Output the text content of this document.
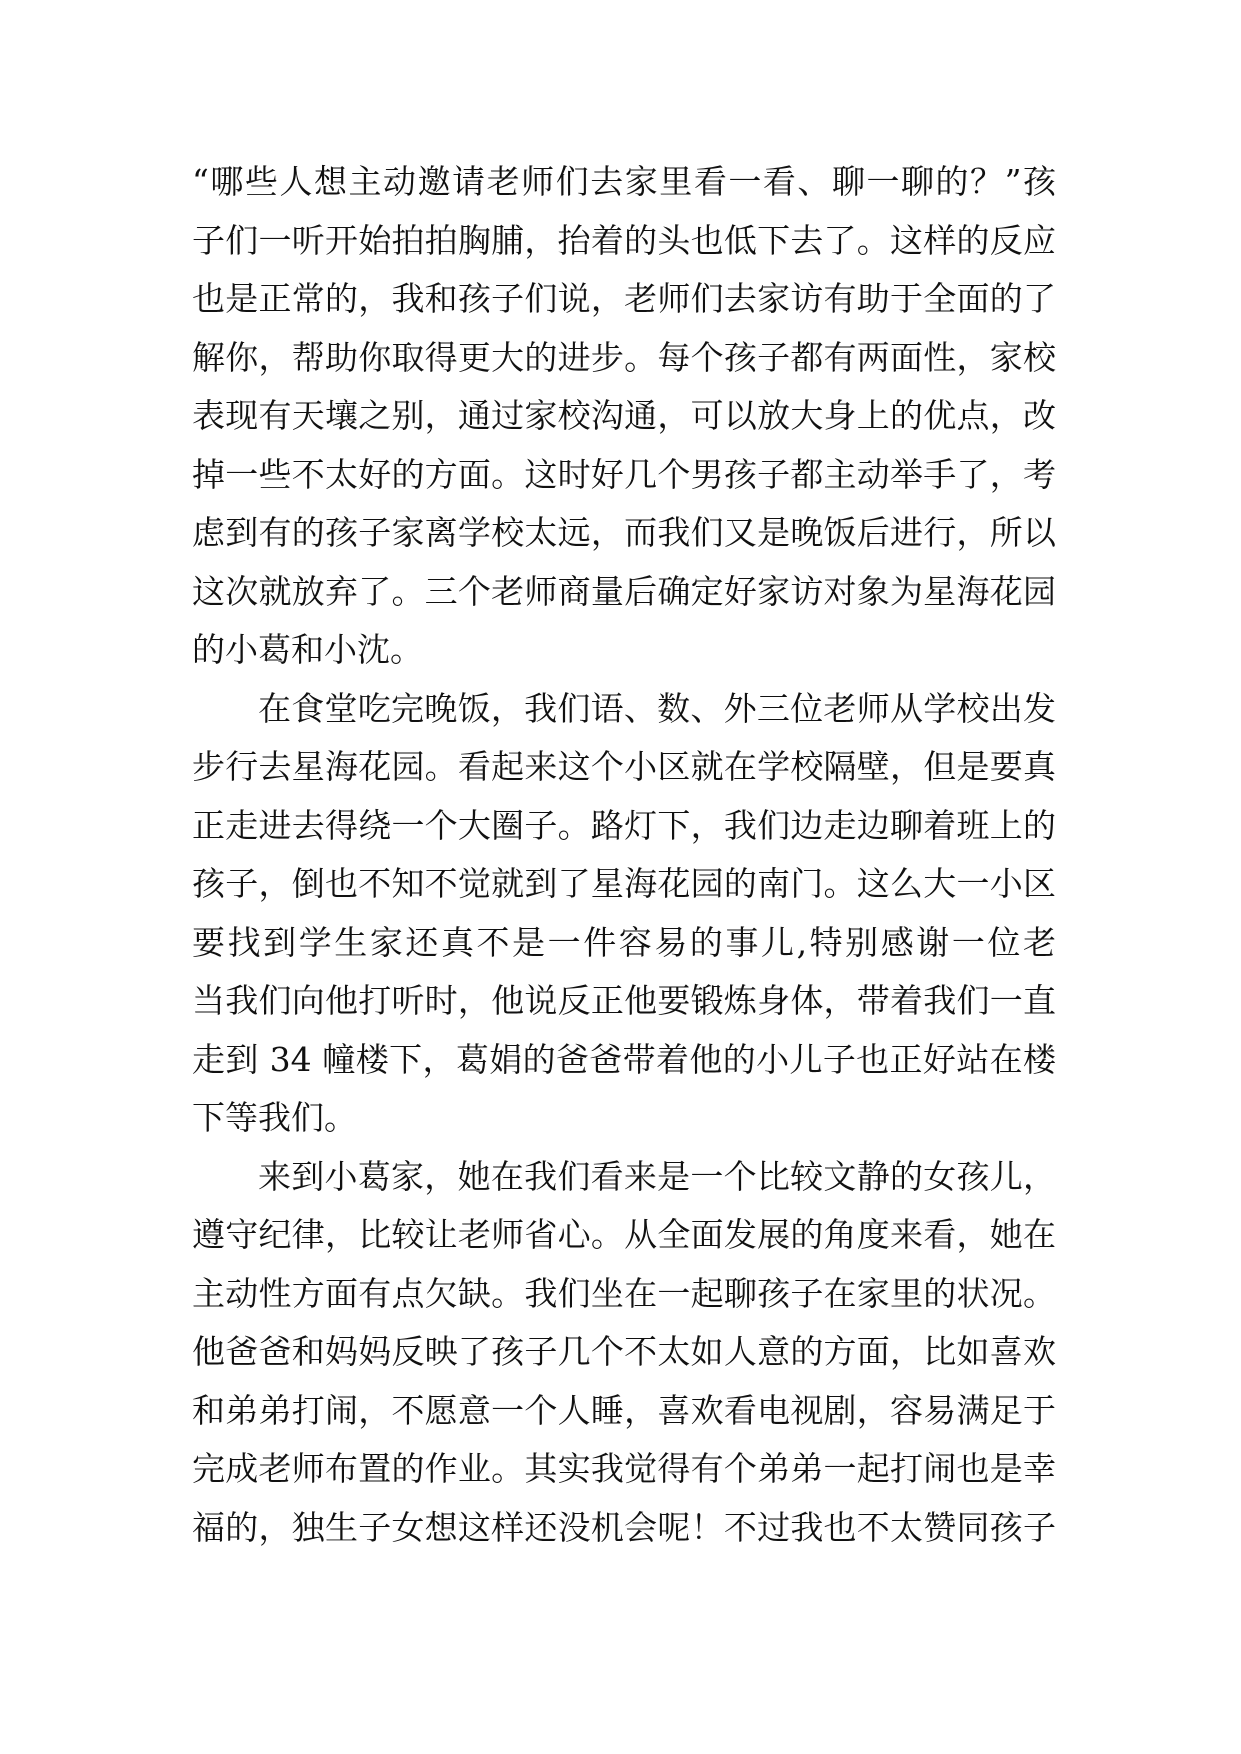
“哪些人想主动邀请老师们去家里看一看、聊一聊的？”孩
子们一听开始拍拍胸脯，抬着的头也低下去了。这样的反应
也是正常的，我和孩子们说，老师们去家访有助于全面的了
解你，帮助你取得更大的进步。每个孩子都有两面性，家校
表现有天壤之别，通过家校沟通，可以放大身上的优点，改
掉一些不太好的方面。这时好几个男孩子都主动举手了，考
虑到有的孩子家离学校太远，而我们又是晚饭后进行，所以
这次就放弃了。三个老师商量后确定好家访对象为星海花园
的小葛和小沈。
在食堂吃完晚饭，我们语、数、外三位老师从学校出发
步行去星海花园。看起来这个小区就在学校隔壁，但是要真
正走进去得绕一个大圈子。路灯下，我们边走边聊着班上的
孩子，倒也不知不觉就到了星海花园的南门。这么大一小区
要找到学生家还真不是一件容易的事儿,特别感谢一位老
当我们向他打听时，他说反正他要锻炼身体，带着我们一直
走到 34 幢楼下，葛娟的爸爸带着他的小儿子也正好站在楼
下等我们。
来到小葛家，她在我们看来是一个比较文静的女孩儿，
遵守纪律，比较让老师省心。从全面发展的角度来看，她在
主动性方面有点欠缺。我们坐在一起聊孩子在家里的状况。
他爸爸和妈妈反映了孩子几个不太如人意的方面，比如喜欢
和弟弟打闹，不愿意一个人睡，喜欢看电视剧，容易满足于
完成老师布置的作业。其实我觉得有个弟弟一起打闹也是幸
福的，独生子女想这样还没机会呢！不过我也不太赞同孩子
